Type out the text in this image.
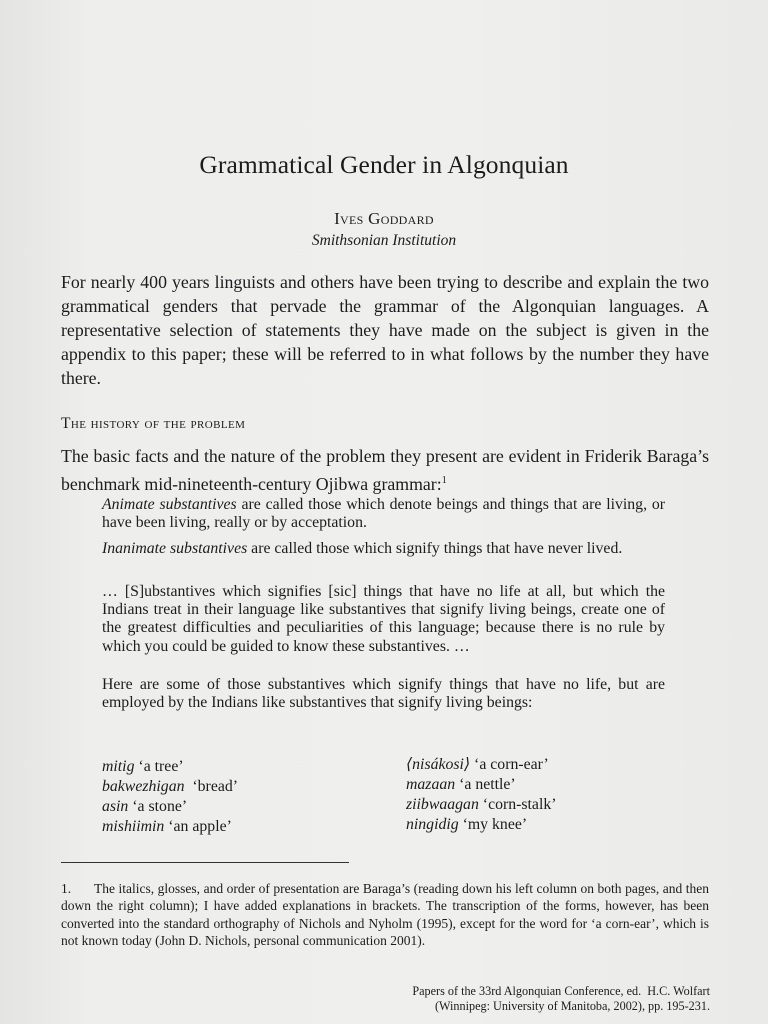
Grammatical Gender in Algonquian
Ives Goddard
Smithsonian Institution
For nearly 400 years linguists and others have been trying to describe and explain the two grammatical genders that pervade the grammar of the Algonquian languages. A representative selection of statements they have made on the subject is given in the appendix to this paper; these will be referred to in what follows by the number they have there.
The history of the problem
The basic facts and the nature of the problem they present are evident in Friderik Baraga’s benchmark mid-nineteenth-century Ojibwa grammar:$^1$
Animate substantives are called those which denote beings and things that are living, or have been living, really or by acceptation.
Inanimate substantives are called those which signify things that have never lived.
… [S]ubstantives which signifies [sic] things that have no life at all, but which the Indians treat in their language like substantives that signify living beings, create one of the greatest difficulties and peculiarities of this language; because there is no rule by which you could be guided to know these substantives. …
Here are some of those substantives which signify things that have no life, but are employed by the Indians like substantives that signify living beings:
mitig ‘a tree’
bakwezhigan  ‘bread’
asin ‘a stone’
mishiimin ‘an apple’
⟨nisákosi⟩ ‘a corn-ear’
mazaan ‘a nettle’
ziibwaagan ‘corn-stalk’
ningidig ‘my knee’
1. The italics, glosses, and order of presentation are Baraga’s (reading down his left column on both pages, and then down the right column); I have added explanations in brackets. The transcription of the forms, however, has been converted into the standard orthography of Nichols and Nyholm (1995), except for the word for ‘a corn-ear’, which is not known today (John D. Nichols, personal communication 2001).
Papers of the 33rd Algonquian Conference, ed.  H.C. Wolfart
(Winnipeg: University of Manitoba, 2002), pp. 195-231.
